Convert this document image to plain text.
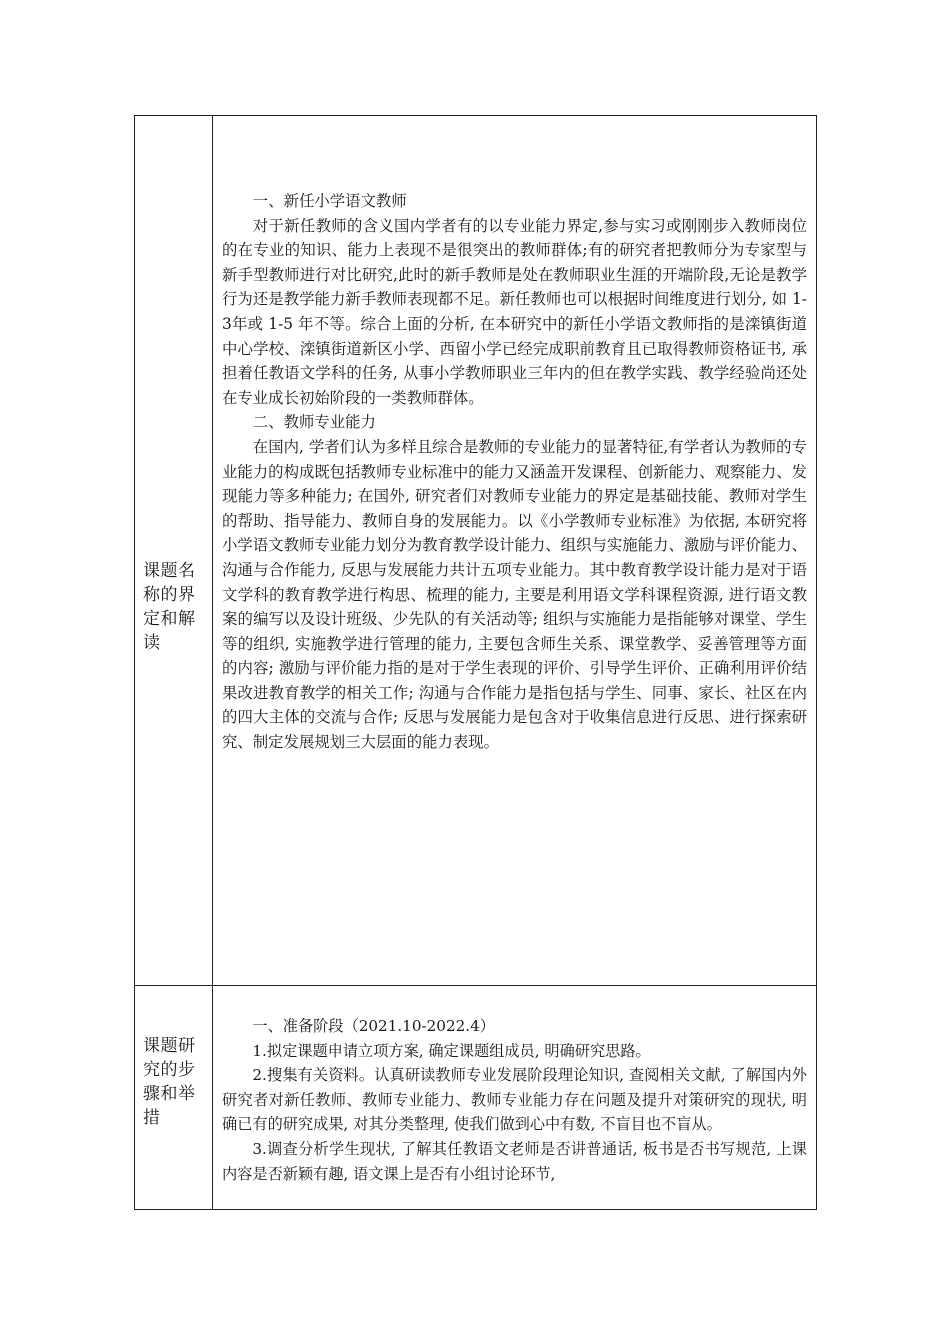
课题名称的界定和解读	一、新任小学语文教师

对于新任教师的含义国内学者有的以专业能力界定,参与实习或刚刚步入教师岗位的在专业的知识、能力上表现不是很突出的教师群体;有的研究者把教师分为专家型与新手型教师进行对比研究,此时的新手教师是处在教师职业生涯的开端阶段,无论是教学行为还是教学能力新手教师表现都不足。新任教师也可以根据时间维度进行划分, 如 1-3年或 1-5 年不等。综合上面的分析, 在本研究中的新任小学语文教师指的是滦镇街道中心学校、滦镇街道新区小学、西留小学已经完成职前教育且已取得教师资格证书, 承担着任教语文学科的任务, 从事小学教师职业三年内的但在教学实践、教学经验尚还处在专业成长初始阶段的一类教师群体。

二、教师专业能力

在国内, 学者们认为多样且综合是教师的专业能力的显著特征,有学者认为教师的专业能力的构成既包括教师专业标准中的能力又涵盖开发课程、创新能力、观察能力、发现能力等多种能力; 在国外, 研究者们对教师专业能力的界定是基础技能、教师对学生的帮助、指导能力、教师自身的发展能力。以《小学教师专业标准》为依据, 本研究将小学语文教师专业能力划分为教育教学设计能力、组织与实施能力、激励与评价能力、沟通与合作能力, 反思与发展能力共计五项专业能力。其中教育教学设计能力是对于语文学科的教育教学进行构思、梳理的能力, 主要是利用语文学科课程资源, 进行语文教案的编写以及设计班级、少先队的有关活动等; 组织与实施能力是指能够对课堂、学生等的组织, 实施教学进行管理的能力, 主要包含师生关系、课堂教学、妥善管理等方面的内容; 激励与评价能力指的是对于学生表现的评价、引导学生评价、正确利用评价结果改进教育教学的相关工作; 沟通与合作能力是指包括与学生、同事、家长、社区在内的四大主体的交流与合作; 反思与发展能力是包含对于收集信息进行反思、进行探索研究、制定发展规划三大层面的能力表现。

课题研究的步骤和举措	一、准备阶段（2021.10-2022.4）

1.拟定课题申请立项方案, 确定课题组成员, 明确研究思路。

2.搜集有关资料。认真研读教师专业发展阶段理论知识, 查阅相关文献, 了解国内外研究者对新任教师、教师专业能力、教师专业能力存在问题及提升对策研究的现状, 明确已有的研究成果, 对其分类整理, 使我们做到心中有数, 不盲目也不盲从。

3.调查分析学生现状, 了解其任教语文老师是否讲普通话, 板书是否书写规范, 上课内容是否新颖有趣, 语文课上是否有小组讨论环节,
